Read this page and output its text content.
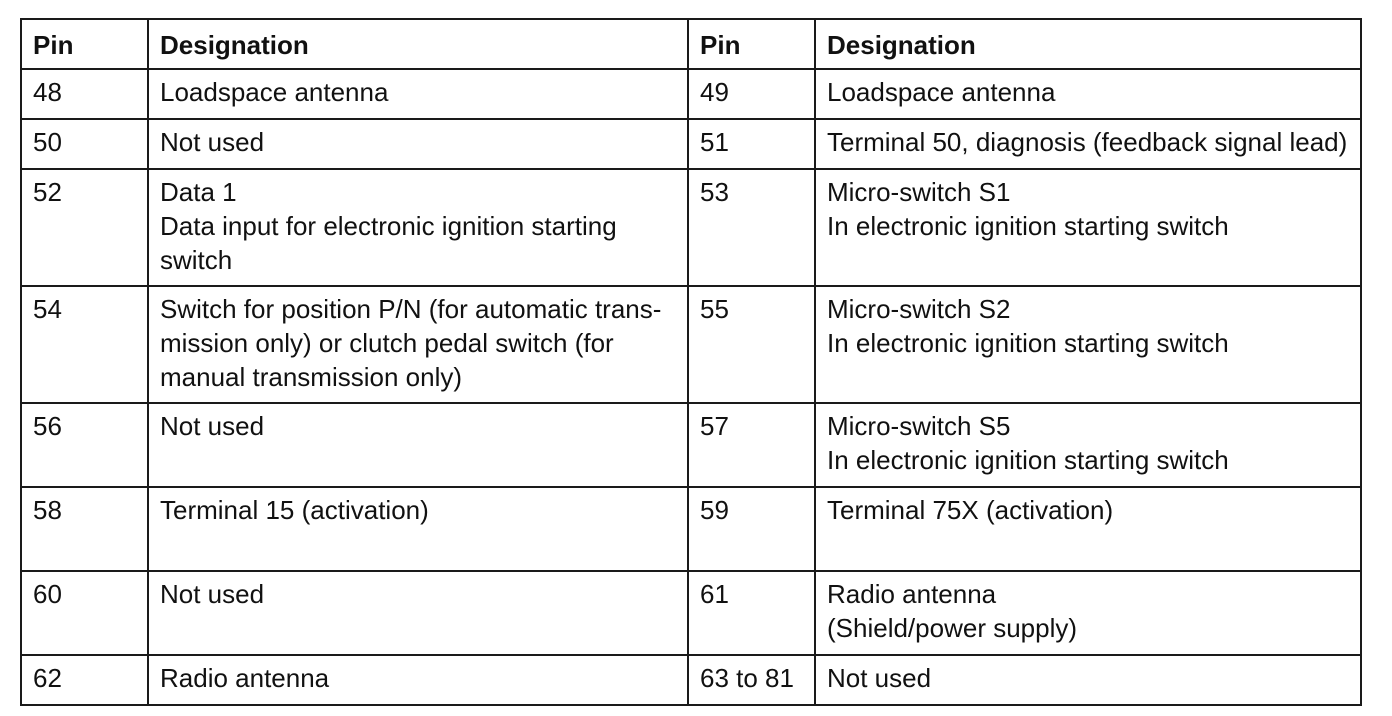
Pin	Designation	Pin	Designation
48	Loadspace antenna	49	Loadspace antenna

50	Not used	51	Terminal 50, diagnosis (feedback signal lead)

52	Data 1
Data input for electronic ignition starting
switch	53	Micro-switch S1
In electronic ignition starting switch

54	Switch for position P/N (for automatic trans-
mission only) or clutch pedal switch (for
manual transmission only)	55	Micro-switch S2
In electronic ignition starting switch

56	Not used	57	Micro-switch S5
In electronic ignition starting switch

58	Terminal 15 (activation)	59	Terminal 75X (activation)

60	Not used	61	Radio antenna
(Shield/power supply)

62	Radio antenna	63 to 81	Not used
